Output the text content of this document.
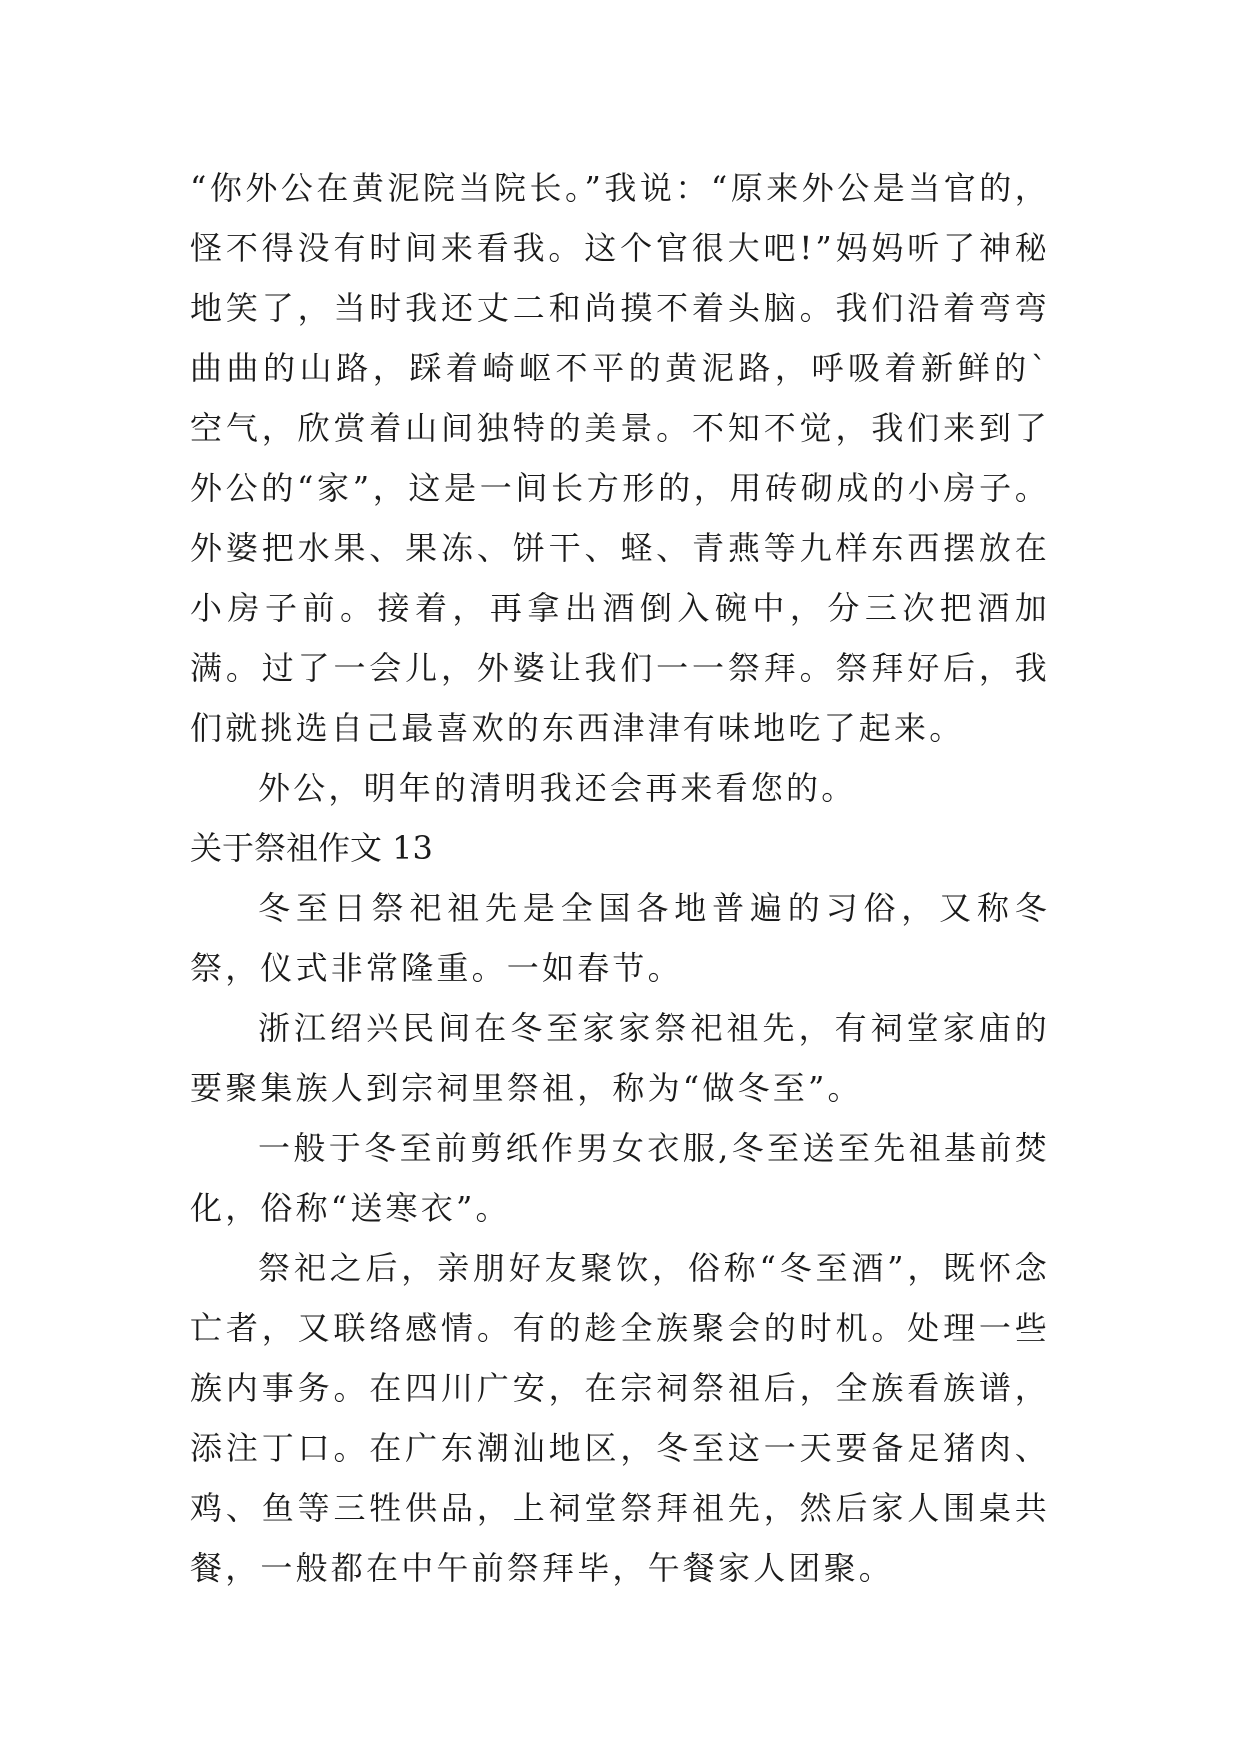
“你外公在黄泥院当院长。”我说：“原来外公是当官的，怪不得没有时间来看我。这个官很大吧!”妈妈听了神秘地笑了，当时我还丈二和尚摸不着头脑。我们沿着弯弯曲曲的山路，踩着崎岖不平的黄泥路，呼吸着新鲜的`空气，欣赏着山间独特的美景。不知不觉，我们来到了外公的“家”，这是一间长方形的，用砖砌成的小房子。外婆把水果、果冻、饼干、蛏、青燕等九样东西摆放在小房子前。接着，再拿出酒倒入碗中，分三次把酒加满。过了一会儿，外婆让我们一一祭拜。祭拜好后，我们就挑选自己最喜欢的东西津津有味地吃了起来。

外公，明年的清明我还会再来看您的。

关于祭祖作文 13

冬至日祭祀祖先是全国各地普遍的习俗，又称冬祭，仪式非常隆重。一如春节。

浙江绍兴民间在冬至家家祭祀祖先，有祠堂家庙的要聚集族人到宗祠里祭祖，称为“做冬至”。

一般于冬至前剪纸作男女衣服,冬至送至先祖基前焚化，俗称“送寒衣”。

祭祀之后，亲朋好友聚饮，俗称“冬至酒”，既怀念亡者，又联络感情。有的趁全族聚会的时机。处理一些族内事务。在四川广安，在宗祠祭祖后，全族看族谱，添注丁口。在广东潮汕地区，冬至这一天要备足猪肉、鸡、鱼等三牲供品，上祠堂祭拜祖先，然后家人围桌共餐，一般都在中午前祭拜毕，午餐家人团聚。
